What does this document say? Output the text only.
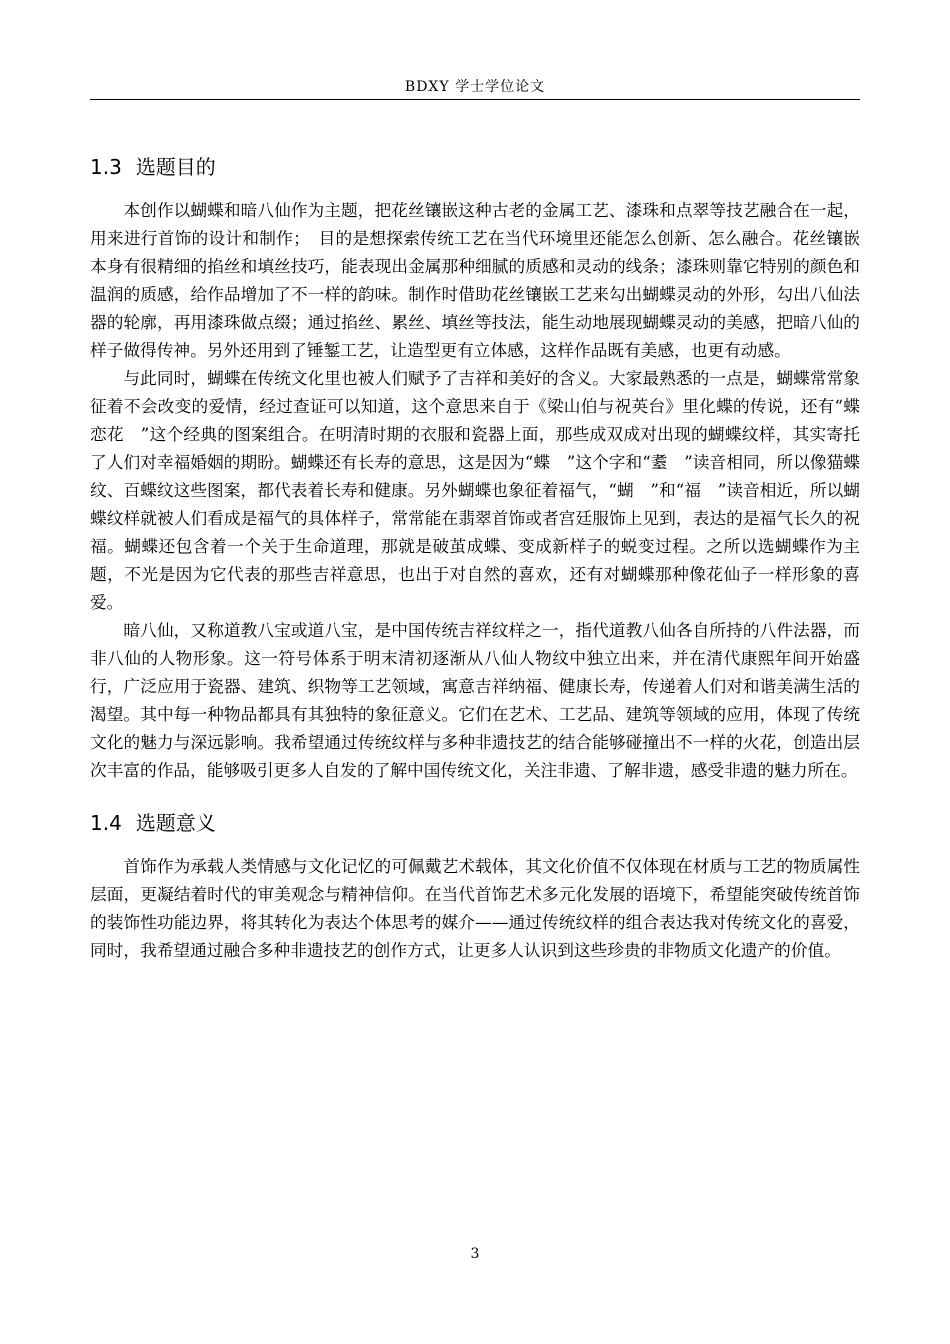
BDXY 学士学位论文
1.3 选题目的

本创作以蝴蝶和暗八仙作为主题，把花丝镶嵌这种古老的金属工艺、漆珠和点翠等技艺融合在一起，用来进行首饰的设计和制作；　目的是想探索传统工艺在当代环境里还能怎么创新、怎么融合。花丝镶嵌本身有很精细的掐丝和填丝技巧，能表现出金属那种细腻的质感和灵动的线条；漆珠则靠它特别的颜色和温润的质感，给作品增加了不一样的韵味。制作时借助花丝镶嵌工艺来勾出蝴蝶灵动的外形，勾出八仙法器的轮廓，再用漆珠做点缀；通过掐丝、累丝、填丝等技法，能生动地展现蝴蝶灵动的美感，把暗八仙的样子做得传神。另外还用到了锤錾工艺，让造型更有立体感，这样作品既有美感，也更有动感。

与此同时，蝴蝶在传统文化里也被人们赋予了吉祥和美好的含义。大家最熟悉的一点是，蝴蝶常常象征着不会改变的爱情，经过查证可以知道，这个意思来自于《梁山伯与祝英台》里化蝶的传说，还有“蝶恋花　”这个经典的图案组合。在明清时期的衣服和瓷器上面，那些成双成对出现的蝴蝶纹样，其实寄托了人们对幸福婚姻的期盼。蝴蝶还有长寿的意思，这是因为“蝶　”这个字和“耋　”读音相同，所以像猫蝶纹、百蝶纹这些图案，都代表着长寿和健康。另外蝴蝶也象征着福气，“蝴　”和“福　”读音相近，所以蝴蝶纹样就被人们看成是福气的具体样子，常常能在翡翠首饰或者宫廷服饰上见到，表达的是福气长久的祝福。蝴蝶还包含着一个关于生命道理，那就是破茧成蝶、变成新样子的蜕变过程。之所以选蝴蝶作为主题，不光是因为它代表的那些吉祥意思，也出于对自然的喜欢，还有对蝴蝶那种像花仙子一样形象的喜爱。

暗八仙，又称道教八宝或道八宝，是中国传统吉祥纹样之一，指代道教八仙各自所持的八件法器，而非八仙的人物形象。这一符号体系于明末清初逐渐从八仙人物纹中独立出来，并在清代康熙年间开始盛行，广泛应用于瓷器、建筑、织物等工艺领域，寓意吉祥纳福、健康长寿，传递着人们对和谐美满生活的渴望。其中每一种物品都具有其独特的象征意义。它们在艺术、工艺品、建筑等领域的应用，体现了传统文化的魅力与深远影响。我希望通过传统纹样与多种非遗技艺的结合能够碰撞出不一样的火花，创造出层次丰富的作品，能够吸引更多人自发的了解中国传统文化，关注非遗、了解非遗，感受非遗的魅力所在。

1.4 选题意义

首饰作为承载人类情感与文化记忆的可佩戴艺术载体，其文化价值不仅体现在材质与工艺的物质属性层面，更凝结着时代的审美观念与精神信仰。在当代首饰艺术多元化发展的语境下，希望能突破传统首饰的装饰性功能边界，将其转化为表达个体思考的媒介——通过传统纹样的组合表达我对传统文化的喜爱，同时，我希望通过融合多种非遗技艺的创作方式，让更多人认识到这些珍贵的非物质文化遗产的价值。

3
